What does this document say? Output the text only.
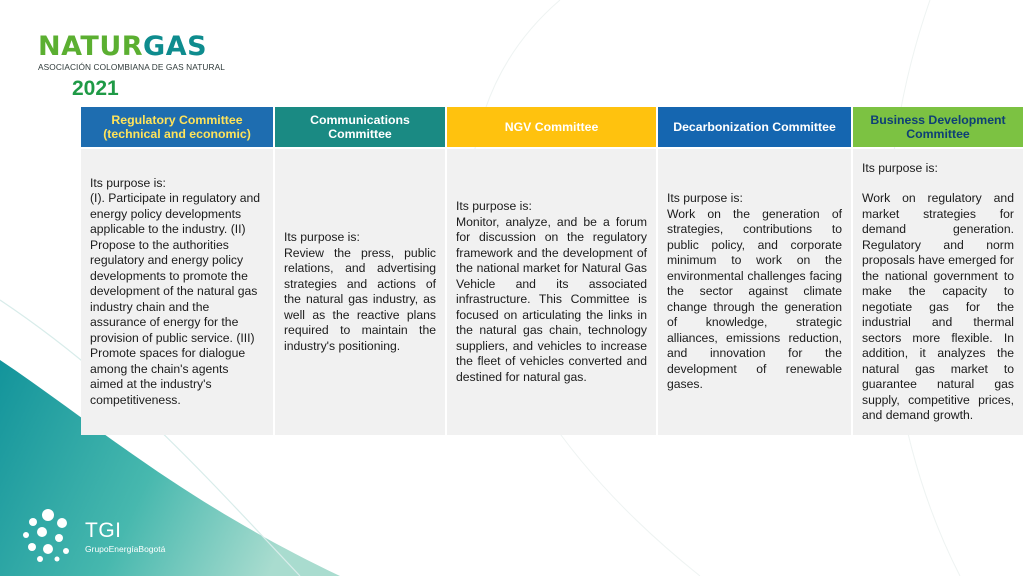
NATURGAS
ASOCIACIÓN COLOMBIANA DE GAS NATURAL
2021
Regulatory Committee (technical and economic)

Its purpose is:
(I). Participate in regulatory and energy policy developments applicable to the industry. (II) Propose to the authorities regulatory and energy policy developments to promote the development of the natural gas industry chain and the assurance of energy for the provision of public service. (III) Promote spaces for dialogue among the chain's agents aimed at the industry's competitiveness.

Communications Committee

Its purpose is:
Review the press, public relations, and advertising strategies and actions of the natural gas industry, as well as the reactive plans required to maintain the industry's positioning.

NGV Committee

Its purpose is:
Monitor, analyze, and be a forum for discussion on the regulatory framework and the development of the national market for Natural Gas Vehicle and its associated infrastructure. This Committee is focused on articulating the links in the natural gas chain, technology suppliers, and vehicles to increase the fleet of vehicles converted and destined for natural gas.

Decarbonization Committee

Its purpose is:
Work on the generation of strategies, contributions to public policy, and corporate minimum to work on the environmental challenges facing the sector against climate change through the generation of knowledge, strategic alliances, emissions reduction, and innovation for the development of renewable gases.

Business Development Committee

Its purpose is:

Work on regulatory and market strategies for demand generation. Regulatory and norm proposals have emerged for the national government to make the capacity to negotiate gas for the industrial and thermal sectors more flexible. In addition, it analyzes the natural gas market to guarantee natural gas supply, competitive prices, and demand growth.

TGI
GrupoEnergíaBogotá
